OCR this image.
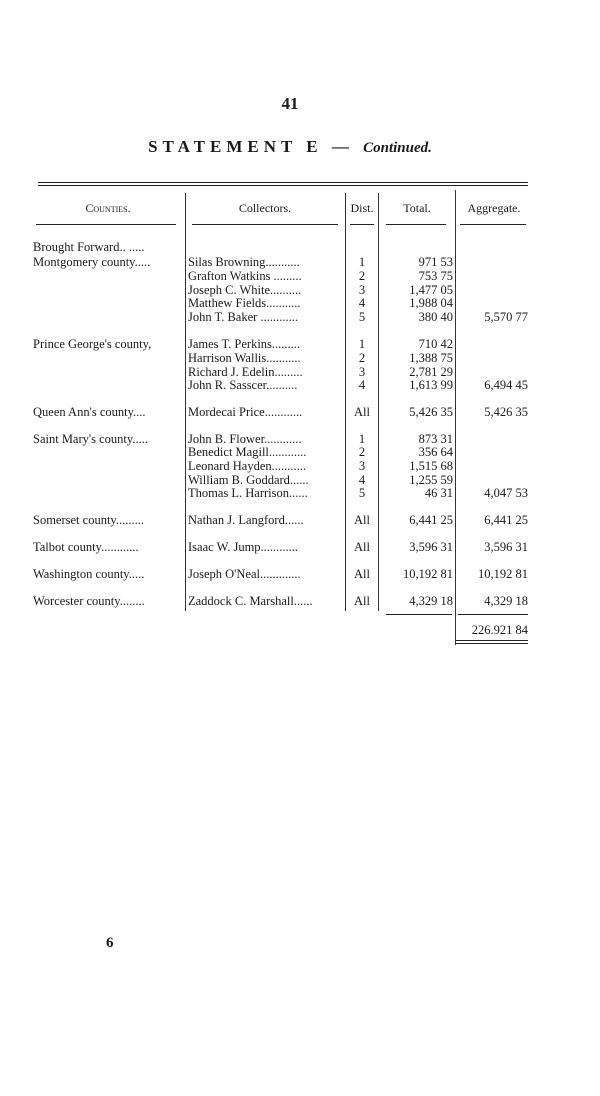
41
STATEMENT E — Continued.
Counties.	Collectors.	Dist.	Total.	Aggregate.
Brought Forward.. .....
Montgomery county.....	Silas Browning...........	1	971 53
Grafton Watkins .........	2	753 75
Joseph C. White..........	3	1,477 05
Matthew Fields...........	4	1,988 04
John T. Baker ............	5	380 40	5,570 77
Prince George's county,	James T. Perkins.........	1	710 42
Harrison Wallis...........	2	1,388 75
Richard J. Edelin.........	3	2,781 29
John R. Sasscer..........	4	1,613 99	6,494 45
Queen Ann's county....	Mordecai Price............	All	5,426 35	5,426 35
Saint Mary's county.....	John B. Flower............	1	873 31
Benedict Magill............	2	356 64
Leonard Hayden...........	3	1,515 68
William B. Goddard......	4	1,255 59
Thomas L. Harrison......	5	46 31	4,047 53
Somerset county.........	Nathan J. Langford......	All	6,441 25	6,441 25
Talbot county............	Isaac W. Jump............	All	3,596 31	3,596 31
Washington county.....	Joseph O'Neal.............	All	10,192 81	10,192 81
Worcester county........	Zaddock C. Marshall......	All	4,329 18	4,329 18
226.921 84
6
